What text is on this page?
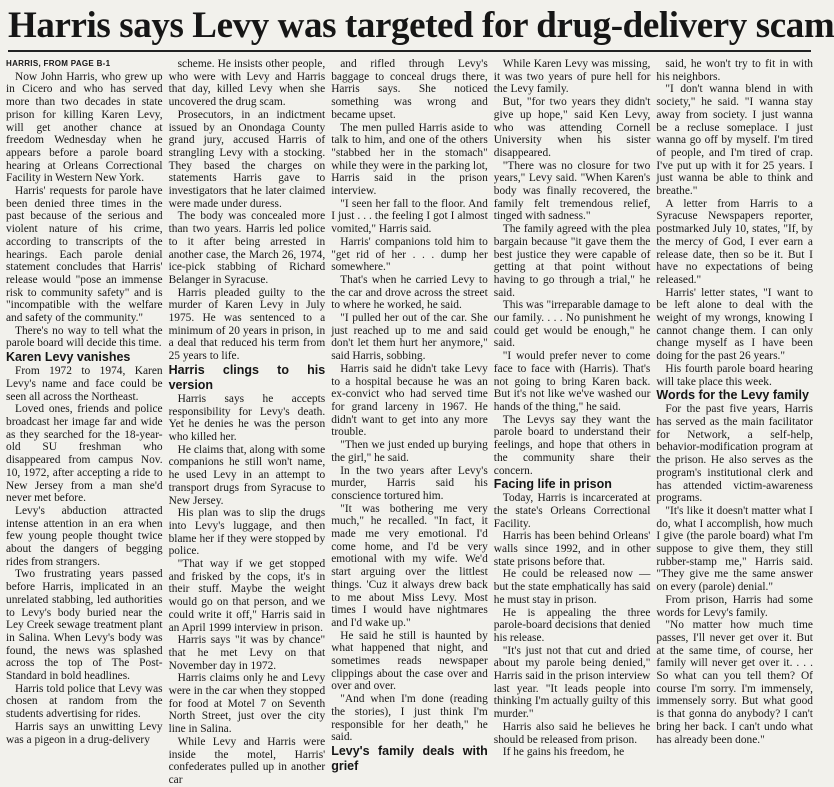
Harris says Levy was targeted for drug-delivery scam
HARRIS, FROM PAGE B-1

Now John Harris, who grew up in Cicero and who has served more than two decades in state prison for killing Karen Levy, will get another chance at freedom Wednesday when he appears before a parole board hearing at Orleans Correctional Facility in Western New York.

Harris' requests for parole have been denied three times in the past because of the serious and violent nature of his crime, according to transcripts of the hearings. Each parole denial statement concludes that Harris' release would "pose an immense risk to community safety" and is "incompatible with the welfare and safety of the community."

There's no way to tell what the parole board will decide this time.

Karen Levy vanishes

From 1972 to 1974, Karen Levy's name and face could be seen all across the Northeast.

Loved ones, friends and police broadcast her image far and wide as they searched for the 18-year-old SU freshman who disappeared from campus Nov. 10, 1972, after accepting a ride to New Jersey from a man she'd never met before.

Levy's abduction attracted intense attention in an era when few young people thought twice about the dangers of begging rides from strangers.

Two frustrating years passed before Harris, implicated in an unrelated stabbing, led authorities to Levy's body buried near the Ley Creek sewage treatment plant in Salina. When Levy's body was found, the news was splashed across the top of The Post-Standard in bold headlines.

Harris told police that Levy was chosen at random from the students advertising for rides.

Harris says an unwitting Levy was a pigeon in a drug-delivery

scheme. He insists other people, who were with Levy and Harris that day, killed Levy when she uncovered the drug scam.

Prosecutors, in an indictment issued by an Onondaga County grand jury, accused Harris of strangling Levy with a stocking. They based the charges on statements Harris gave to investigators that he later claimed were made under duress.

The body was concealed more than two years. Harris led police to it after being arrested in another case, the March 26, 1974, ice-pick stabbing of Richard Belanger in Syracuse.

Harris pleaded guilty to the murder of Karen Levy in July 1975. He was sentenced to a minimum of 20 years in prison, in a deal that reduced his term from 25 years to life.

Harris clings to his version

Harris says he accepts responsibility for Levy's death. Yet he denies he was the person who killed her.

He claims that, along with some companions he still won't name, he used Levy in an attempt to transport drugs from Syracuse to New Jersey.

His plan was to slip the drugs into Levy's luggage, and then blame her if they were stopped by police.

"That way if we get stopped and frisked by the cops, it's in their stuff. Maybe the weight would go on that person, and we could write it off," Harris said in an April 1999 interview in prison.

Harris says "it was by chance" that he met Levy on that November day in 1972.

Harris claims only he and Levy were in the car when they stopped for food at Motel 7 on Seventh North Street, just over the city line in Salina.

While Levy and Harris were inside the motel, Harris' confederates pulled up in another car

and rifled through Levy's baggage to conceal drugs there, Harris says. She noticed something was wrong and became upset.

The men pulled Harris aside to talk to him, and one of the others "stabbed her in the stomach" while they were in the parking lot, Harris said in the prison interview.

"I seen her fall to the floor. And I just . . . the feeling I got I almost vomited," Harris said.

Harris' companions told him to "get rid of her . . . dump her somewhere."

That's when he carried Levy to the car and drove across the street to where he worked, he said.

"I pulled her out of the car. She just reached up to me and said don't let them hurt her anymore," said Harris, sobbing.

Harris said he didn't take Levy to a hospital because he was an ex-convict who had served time for grand larceny in 1967. He didn't want to get into any more trouble.

"Then we just ended up burying the girl," he said.

In the two years after Levy's murder, Harris said his conscience tortured him.

"It was bothering me very much," he recalled. "In fact, it made me very emotional. I'd come home, and I'd be very emotional with my wife. We'd start arguing over the littlest things. 'Cuz it always drew back to me about Miss Levy. Most times I would have nightmares and I'd wake up."

He said he still is haunted by what happened that night, and sometimes reads newspaper clippings about the case over and over and over.

"And when I'm done (reading the stories), I just think I'm responsible for her death," he said.

Levy's family deals with grief

While Karen Levy was missing, it was two years of pure hell for the Levy family.

But, "for two years they didn't give up hope," said Ken Levy, who was attending Cornell University when his sister disappeared.

"There was no closure for two years," Levy said. "When Karen's body was finally recovered, the family felt tremendous relief, tinged with sadness."

The family agreed with the plea bargain because "it gave them the best justice they were capable of getting at that point without having to go through a trial," he said.

This was "irreparable damage to our family. . . . No punishment he could get would be enough," he said.

"I would prefer never to come face to face with (Harris). That's not going to bring Karen back. But it's not like we've washed our hands of the thing," he said.

The Levys say they want the parole board to understand their feelings, and hope that others in the community share their concern.

Facing life in prison

Today, Harris is incarcerated at the state's Orleans Correctional Facility.

Harris has been behind Orleans' walls since 1992, and in other state prisons before that.

He could be released now — but the state emphatically has said he must stay in prison.

He is appealing the three parole-board decisions that denied his release.

"It's just not that cut and dried about my parole being denied," Harris said in the prison interview last year. "It leads people into thinking I'm actually guilty of this murder."

Harris also said he believes he should be released from prison.

If he gains his freedom, he

said, he won't try to fit in with his neighbors.

"I don't wanna blend in with society," he said. "I wanna stay away from society. I just wanna be a recluse someplace. I just wanna go off by myself. I'm tired of people, and I'm tired of crap. I've put up with it for 25 years. I just wanna be able to think and breathe."

A letter from Harris to a Syracuse Newspapers reporter, postmarked July 10, states, "If, by the mercy of God, I ever earn a release date, then so be it. But I have no expectations of being released."

Harris' letter states, "I want to be left alone to deal with the weight of my wrongs, knowing I cannot change them. I can only change myself as I have been doing for the past 26 years."

His fourth parole board hearing will take place this week.

Words for the Levy family

For the past five years, Harris has served as the main facilitator for Network, a self-help, behavior-modification program at the prison. He also serves as the program's institutional clerk and has attended victim-awareness programs.

"It's like it doesn't matter what I do, what I accomplish, how much I give (the parole board) what I'm suppose to give them, they still rubber-stamp me," Harris said. "They give me the same answer on every (parole) denial."

From prison, Harris had some words for Levy's family.

"No matter how much time passes, I'll never get over it. But at the same time, of course, her family will never get over it. . . . So what can you tell them? Of course I'm sorry. I'm immensely, immensely sorry. But what good is that gonna do anybody? I can't bring her back. I can't undo what has already been done."
